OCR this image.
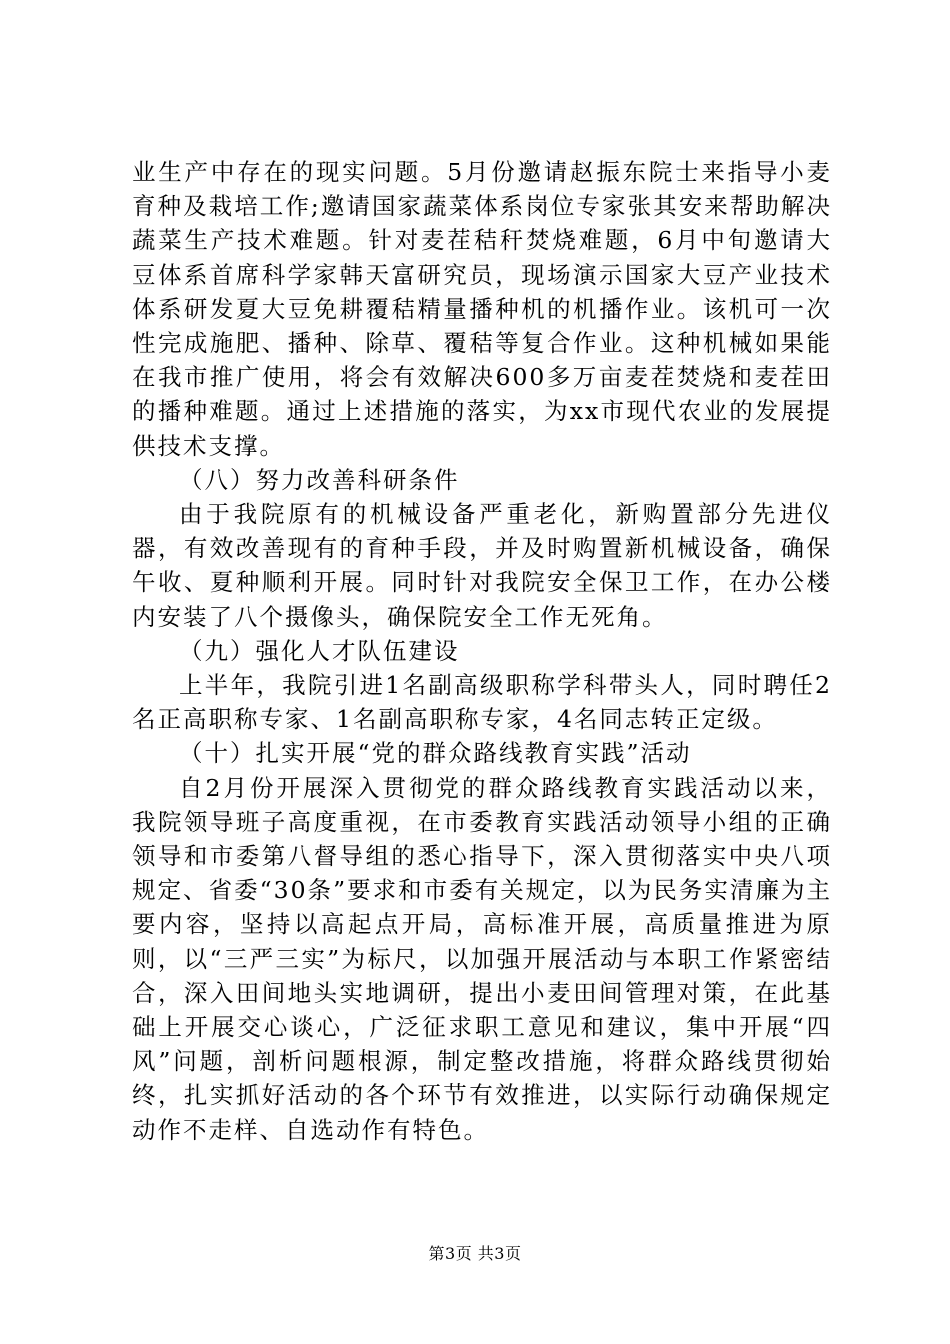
业生产中存在的现实问题。5月份邀请赵振东院士来指导小麦育种及栽培工作;邀请国家蔬菜体系岗位专家张其安来帮助解决蔬菜生产技术难题。针对麦茬秸秆焚烧难题，6月中旬邀请大豆体系首席科学家韩天富研究员，现场演示国家大豆产业技术体系研发夏大豆免耕覆秸精量播种机的机播作业。该机可一次性完成施肥、播种、除草、覆秸等复合作业。这种机械如果能在我市推广使用，将会有效解决600多万亩麦茬焚烧和麦茬田的播种难题。通过上述措施的落实，为xx市现代农业的发展提供技术支撑。

（八）努力改善科研条件

由于我院原有的机械设备严重老化，新购置部分先进仪器，有效改善现有的育种手段，并及时购置新机械设备，确保午收、夏种顺利开展。同时针对我院安全保卫工作，在办公楼内安装了八个摄像头，确保院安全工作无死角。

（九）强化人才队伍建设

上半年，我院引进1名副高级职称学科带头人，同时聘任2名正高职称专家、1名副高职称专家，4名同志转正定级。

（十）扎实开展“党的群众路线教育实践”活动

自2月份开展深入贯彻党的群众路线教育实践活动以来，我院领导班子高度重视，在市委教育实践活动领导小组的正确领导和市委第八督导组的悉心指导下，深入贯彻落实中央八项规定、省委“30条”要求和市委有关规定，以为民务实清廉为主要内容，坚持以高起点开局，高标准开展，高质量推进为原则，以“三严三实”为标尺，以加强开展活动与本职工作紧密结合，深入田间地头实地调研，提出小麦田间管理对策，在此基础上开展交心谈心，广泛征求职工意见和建议，集中开展“四风”问题，剖析问题根源，制定整改措施，将群众路线贯彻始终，扎实抓好活动的各个环节有效推进，以实际行动确保规定动作不走样、自选动作有特色。

第3页 共3页
